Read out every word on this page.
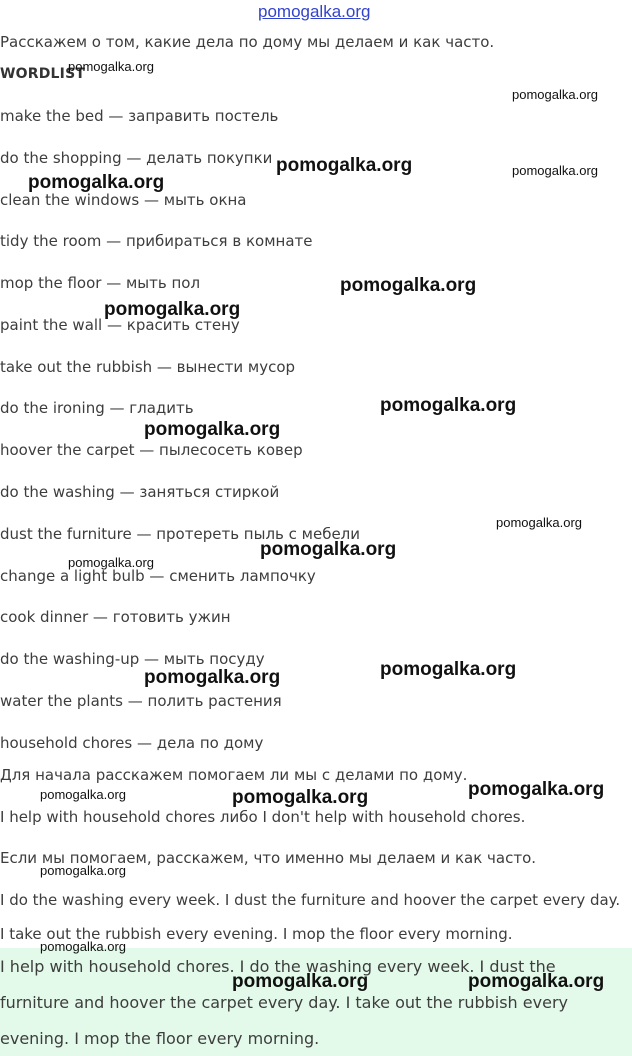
pomogalka.org
Расскажем о том, какие дела по дому мы делаем и как часто.
WORDLIST
make the bed — заправить постель
do the shopping — делать покупки
clean the windows — мыть окна
tidy the room — прибираться в комнате
mop the floor — мыть пол
paint the wall — красить стену
take out the rubbish — вынести мусор
do the ironing — гладить
hoover the carpet — пылесосеть ковер
do the washing — заняться стиркой
dust the furniture — протереть пыль с мебели
change a light bulb — сменить лампочку
cook dinner — готовить ужин
do the washing-up — мыть посуду
water the plants — полить растения
household chores — дела по дому
Для начала расскажем помогаем ли мы с делами по дому.
I help with household chores либо I don't help with household chores.
Если мы помогаем, расскажем, что именно мы делаем и как часто.
I do the washing every week. I dust the furniture and hoover the carpet every day.
I take out the rubbish every evening. I mop the floor every morning.
I help with household chores. I do the washing every week. I dust the
furniture and hoover the carpet every day. I take out the rubbish every
evening. I mop the floor every morning.
pomogalka.org
pomogalka.org
pomogalka.org	pomogalka.org
pomogalka.org
pomogalka.org
pomogalka.org
pomogalka.org
pomogalka.org
pomogalka.org
pomogalka.org
pomogalka.org
pomogalka.org
pomogalka.org
pomogalka.org
pomogalka.org	pomogalka.org
pomogalka.org
pomogalka.org
pomogalka.org	pomogalka.org
